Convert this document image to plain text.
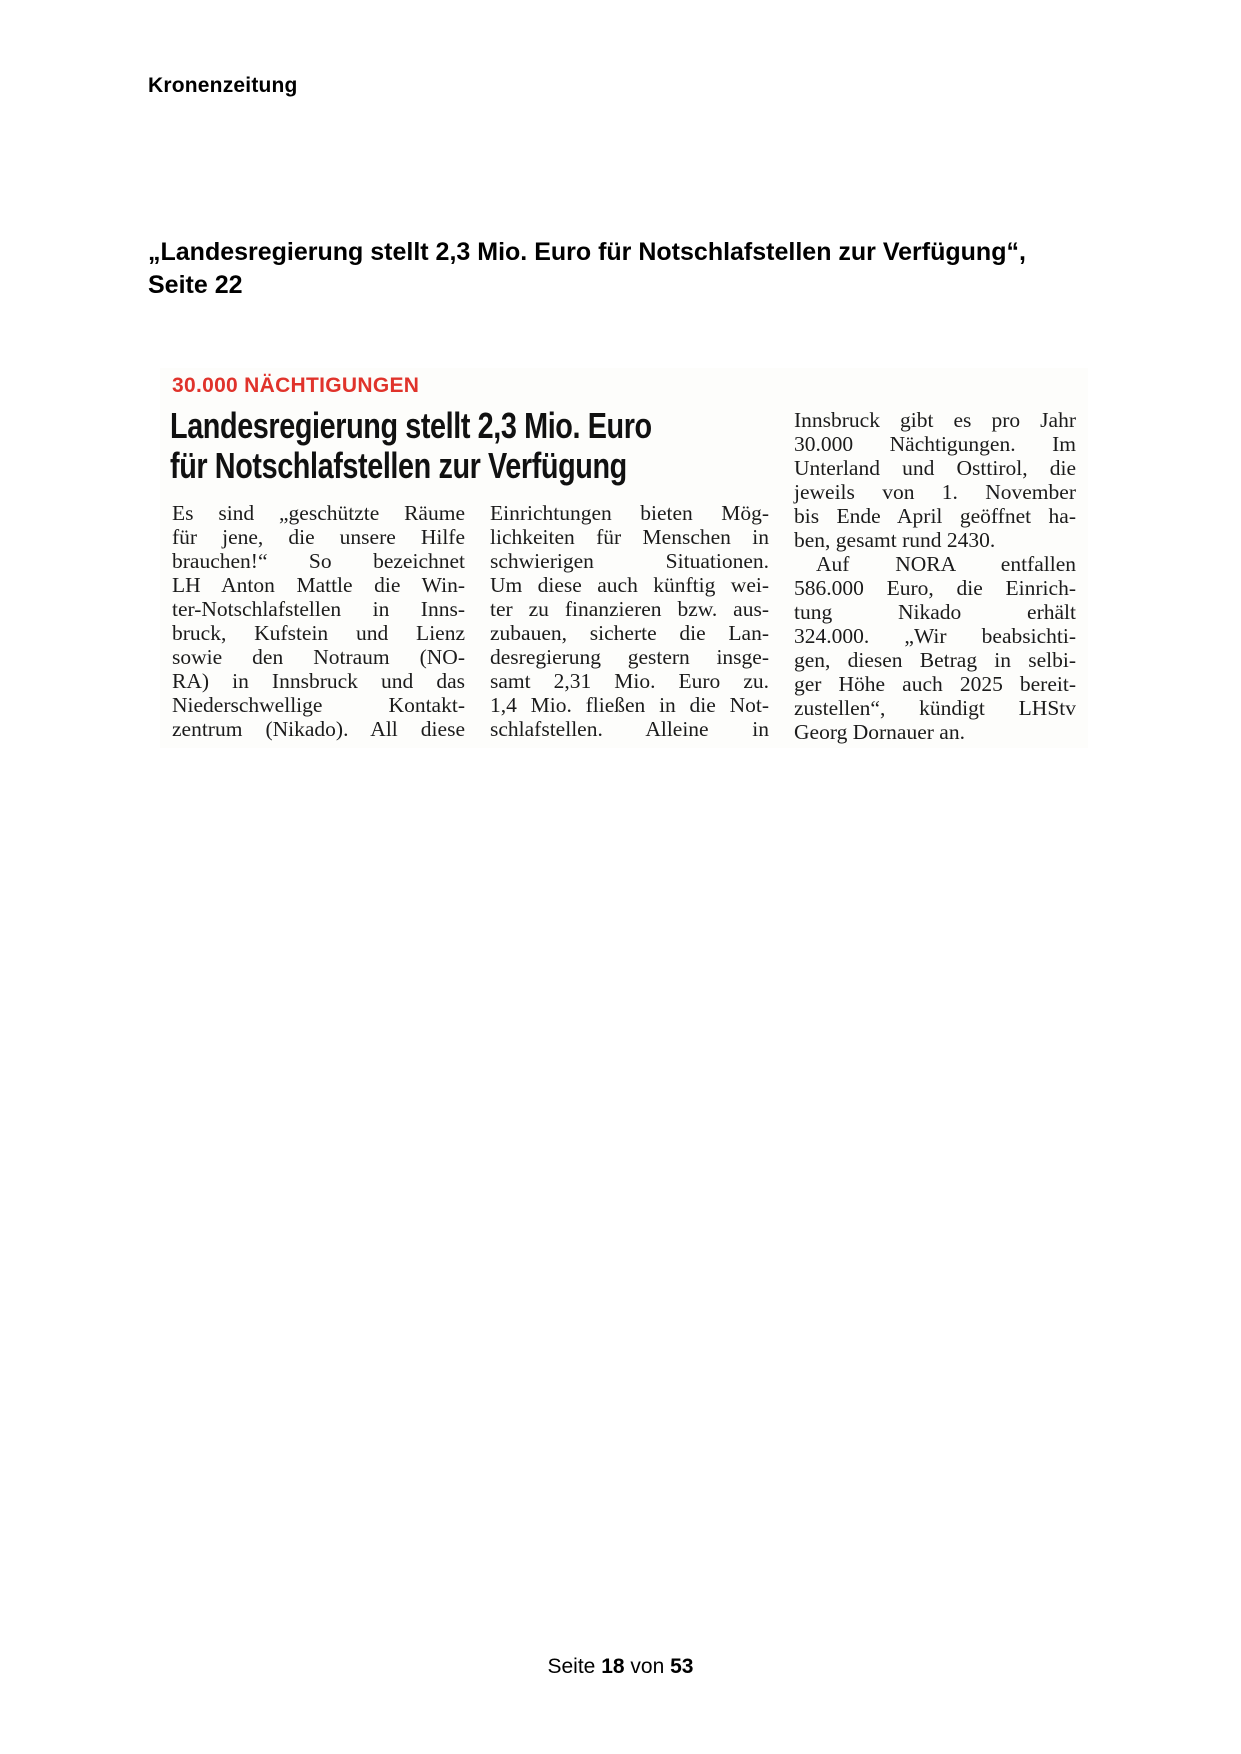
Kronenzeitung
„Landesregierung stellt 2,3 Mio. Euro für Notschlafstellen zur Verfügung“, Seite 22
30.000 NÄCHTIGUNGEN
Landesregierung stellt 2,3 Mio. Euro
für Notschlafstellen zur Verfügung
Es sind „geschützte Räume
für jene, die unsere Hilfe
brauchen!“ So bezeichnet
LH Anton Mattle die Win-
ter-Notschlafstellen in Inns-
bruck, Kufstein und Lienz
sowie den Notraum (NO-
RA) in Innsbruck und das
Niederschwellige Kontakt-
zentrum (Nikado). All diese
Einrichtungen bieten Mög-
lichkeiten für Menschen in
schwierigen Situationen.
Um diese auch künftig wei-
ter zu finanzieren bzw. aus-
zubauen, sicherte die Lan-
desregierung gestern insge-
samt 2,31 Mio. Euro zu.
1,4 Mio. fließen in die Not-
schlafstellen. Alleine in
Innsbruck gibt es pro Jahr
30.000 Nächtigungen. Im
Unterland und Osttirol, die
jeweils von 1. November
bis Ende April geöffnet ha-
ben, gesamt rund 2430.
Auf NORA entfallen
586.000 Euro, die Einrich-
tung Nikado erhält
324.000. „Wir beabsichti-
gen, diesen Betrag in selbi-
ger Höhe auch 2025 bereit-
zustellen“, kündigt LHStv
Georg Dornauer an.
Seite 18 von 53
